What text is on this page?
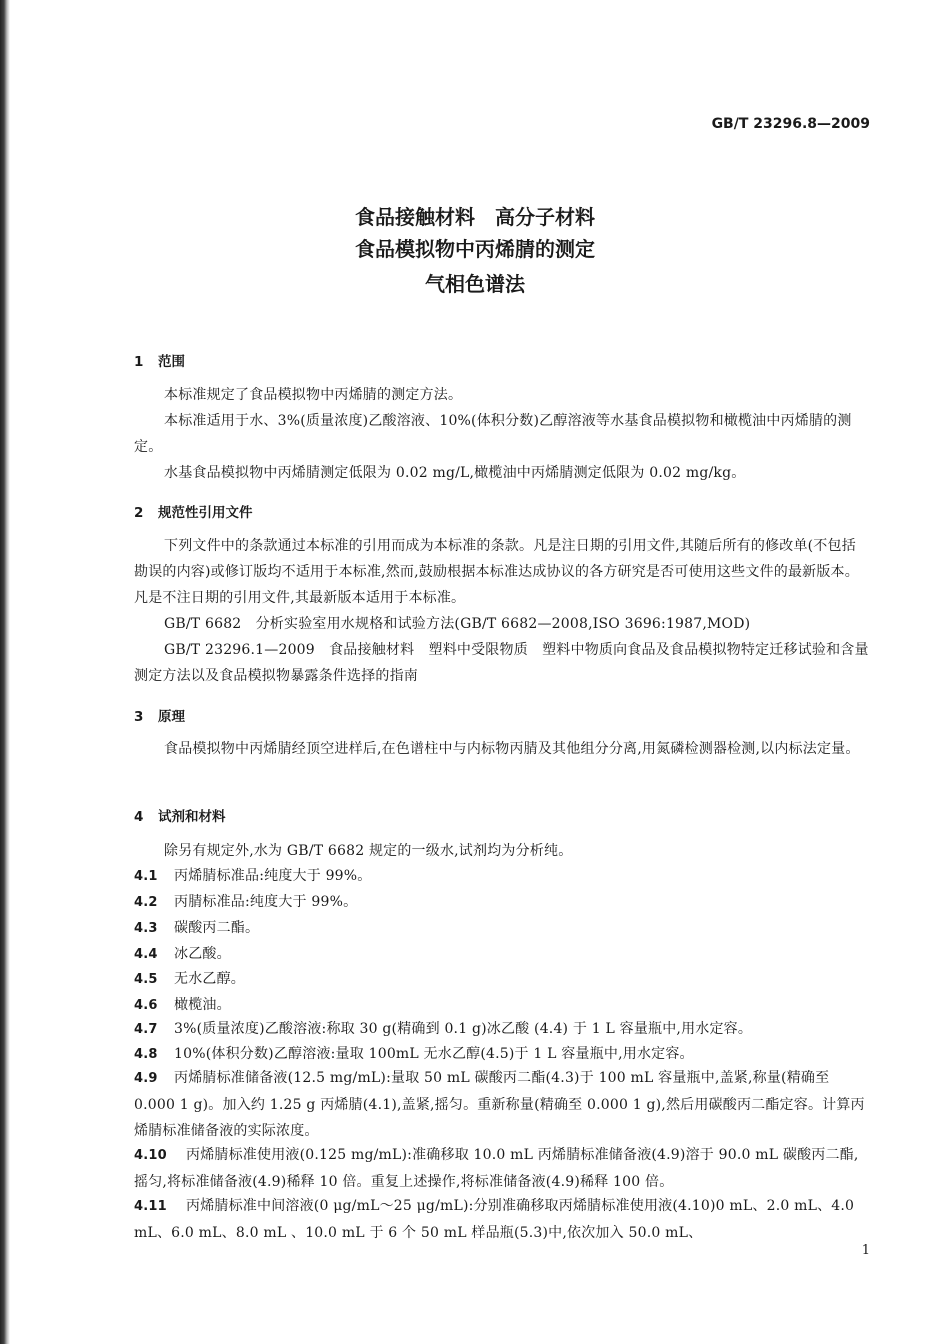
GB/T 23296.8—2009
食品接触材料　高分子材料
食品模拟物中丙烯腈的测定
气相色谱法
1 范围
本标准规定了食品模拟物中丙烯腈的测定方法。
本标准适用于水、3%(质量浓度)乙酸溶液、10%(体积分数)乙醇溶液等水基食品模拟物和橄榄油中丙烯腈的测定。
水基食品模拟物中丙烯腈测定低限为 0.02 mg/L,橄榄油中丙烯腈测定低限为 0.02 mg/kg。
2 规范性引用文件
下列文件中的条款通过本标准的引用而成为本标准的条款。凡是注日期的引用文件,其随后所有的修改单(不包括勘误的内容)或修订版均不适用于本标准,然而,鼓励根据本标准达成协议的各方研究是否可使用这些文件的最新版本。凡是不注日期的引用文件,其最新版本适用于本标准。
GB/T 6682　分析实验室用水规格和试验方法(GB/T 6682—2008,ISO 3696:1987,MOD)
GB/T 23296.1—2009　食品接触材料　塑料中受限物质　塑料中物质向食品及食品模拟物特定迁移试验和含量测定方法以及食品模拟物暴露条件选择的指南
3 原理
食品模拟物中丙烯腈经顶空进样后,在色谱柱中与内标物丙腈及其他组分分离,用氮磷检测器检测,以内标法定量。
4 试剂和材料
除另有规定外,水为 GB/T 6682 规定的一级水,试剂均为分析纯。
4.1 丙烯腈标准品:纯度大于 99%。
4.2 丙腈标准品:纯度大于 99%。
4.3 碳酸丙二酯。
4.4 冰乙酸。
4.5 无水乙醇。
4.6 橄榄油。
4.7 3%(质量浓度)乙酸溶液:称取 30 g(精确到 0.1 g)冰乙酸 (4.4) 于 1 L 容量瓶中,用水定容。
4.8 10%(体积分数)乙醇溶液:量取 100mL 无水乙醇(4.5)于 1 L 容量瓶中,用水定容。
4.9 丙烯腈标准储备液(12.5 mg/mL):量取 50 mL 碳酸丙二酯(4.3)于 100 mL 容量瓶中,盖紧,称量(精确至 0.000 1 g)。加入约 1.25 g 丙烯腈(4.1),盖紧,摇匀。重新称量(精确至 0.000 1 g),然后用碳酸丙二酯定容。计算丙烯腈标准储备液的实际浓度。
4.10 丙烯腈标准使用液(0.125 mg/mL):准确移取 10.0 mL 丙烯腈标准储备液(4.9)溶于 90.0 mL 碳酸丙二酯,摇匀,将标准储备液(4.9)稀释 10 倍。重复上述操作,将标准储备液(4.9)稀释 100 倍。
4.11 丙烯腈标准中间溶液(0 μg/mL～25 μg/mL):分别准确移取丙烯腈标准使用液(4.10)0 mL、2.0 mL、4.0 mL、6.0 mL、8.0 mL 、10.0 mL 于 6 个 50 mL 样品瓶(5.3)中,依次加入 50.0 mL、
1
